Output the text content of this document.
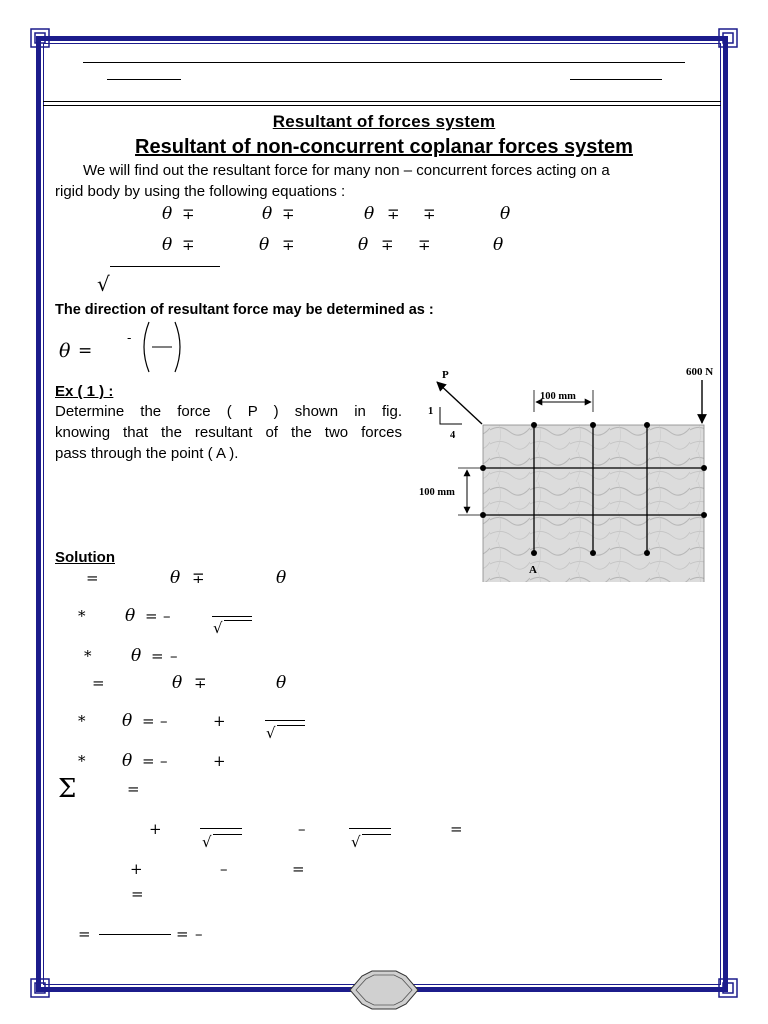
Resultant of forces system
Resultant of non-concurrent coplanar forces system
We will find out the resultant force for many non – concurrent forces acting on a
rigid body by using the following equations :
θ ∓	θ ∓	θ ∓ ∓	θ
θ ∓	θ ∓	θ ∓ ∓	θ
√
The direction of resultant force may be determined as :
θ =
-
Ex ( 1 ) :
Determine the force ( P ) shown in fig.
knowing that the resultant of the two forces
pass through the point ( A ).
P	600 N
100 mm
100 mm
1
4
A
Solution
=	θ ∓	θ
* θ = –
√
* θ = –
=	θ ∓	θ
* θ = –	+
√
* θ = –	+
Σ	=
+
√
–
√
=
+	–	=
=
=	= –
